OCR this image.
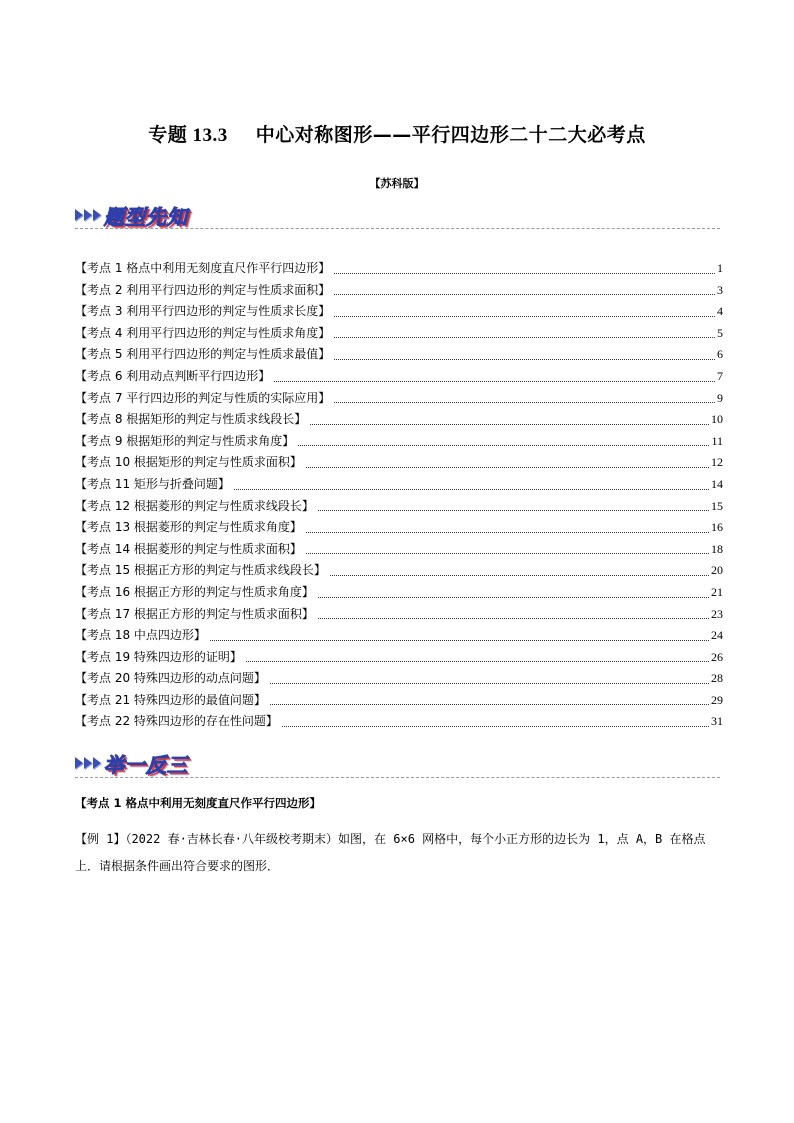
专题 13.3 中心对称图形——平行四边形二十二大必考点
【苏科版】
题型先知
【考点 1 格点中利用无刻度直尺作平行四边形】	1
【考点 2 利用平行四边形的判定与性质求面积】	3
【考点 3 利用平行四边形的判定与性质求长度】	4
【考点 4 利用平行四边形的判定与性质求角度】	5
【考点 5 利用平行四边形的判定与性质求最值】	6
【考点 6 利用动点判断平行四边形】	7
【考点 7 平行四边形的判定与性质的实际应用】	9
【考点 8 根据矩形的判定与性质求线段长】	10
【考点 9 根据矩形的判定与性质求角度】	11
【考点 10 根据矩形的判定与性质求面积】	12
【考点 11 矩形与折叠问题】	14
【考点 12 根据菱形的判定与性质求线段长】	15
【考点 13 根据菱形的判定与性质求角度】	16
【考点 14 根据菱形的判定与性质求面积】	18
【考点 15 根据正方形的判定与性质求线段长】	20
【考点 16 根据正方形的判定与性质求角度】	21
【考点 17 根据正方形的判定与性质求面积】	23
【考点 18 中点四边形】	24
【考点 19 特殊四边形的证明】	26
【考点 20 特殊四边形的动点问题】	28
【考点 21 特殊四边形的最值问题】	29
【考点 22 特殊四边形的存在性问题】	31
举一反三
【考点 1 格点中利用无刻度直尺作平行四边形】
【例 1】（2022 春·吉林长春·八年级校考期末）如图，在 6×6 网格中，每个小正方形的边长为 1，点 A，B 在格点上．请根据条件画出符合要求的图形．
